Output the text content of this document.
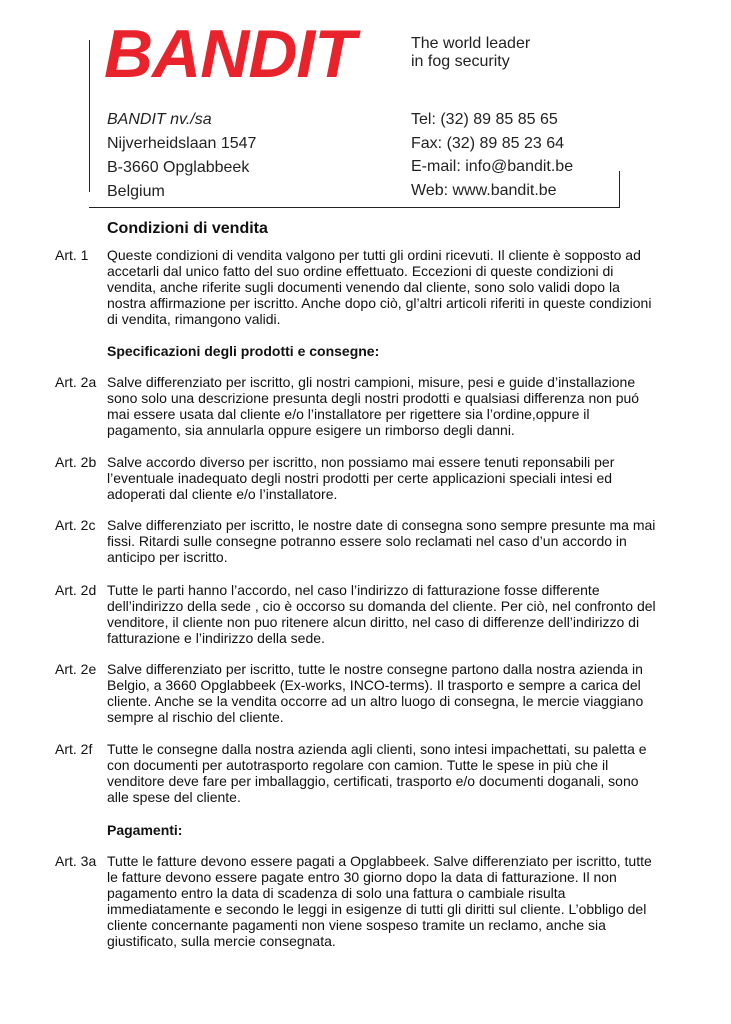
BANDIT	The world leader
in fog security
BANDIT nv./sa
Nijverheidslaan 1547
B-3660 Opglabbeek
Belgium
Tel: (32) 89 85 85 65
Fax: (32) 89 85 23 64
E-mail: info@bandit.be
Web: www.bandit.be
Condizioni di vendita
Art. 1	Queste condizioni di vendita valgono per tutti gli ordini ricevuti. Il cliente è sopposto ad
accetarli dal unico fatto del suo ordine effettuato. Eccezioni di queste condizioni di
vendita, anche riferite sugli documenti venendo dal cliente, sono solo validi dopo la
nostra affirmazione per iscritto. Anche dopo ciò, gl’altri articoli riferiti in queste condizioni
di vendita, rimangono validi.
Specificazioni degli prodotti e consegne:
Art. 2a Salve differenziato per iscritto, gli nostri campioni, misure, pesi e guide d’installazione
sono solo una descrizione presunta degli nostri prodotti e qualsiasi differenza non puó
mai essere usata dal cliente e/o l’installatore per rigettere sia l’ordine,oppure il
pagamento, sia annularla oppure esigere un rimborso degli danni.
Art. 2b Salve accordo diverso per iscritto, non possiamo mai essere tenuti reponsabili per
l’eventuale inadequato degli nostri prodotti per certe applicazioni speciali intesi ed
adoperati dal cliente e/o l’installatore.
Art. 2c Salve differenziato per iscritto, le nostre date di consegna sono sempre presunte ma mai
fissi. Ritardi sulle consegne potranno essere solo reclamati nel caso d’un accordo in
anticipo per iscritto.
Art. 2d Tutte le parti hanno l’accordo, nel caso l’indirizzo di fatturazione fosse differente
dell’indirizzo della sede , cio è occorso su domanda del cliente. Per ciò, nel confronto del
venditore, il cliente non puo ritenere alcun diritto, nel caso di differenze dell’indirizzo di
fatturazione e l’indirizzo della sede.
Art. 2e Salve differenziato per iscritto, tutte le nostre consegne partono dalla nostra azienda in
Belgio, a 3660 Opglabbeek (Ex-works, INCO-terms). Il trasporto e sempre a carica del
cliente. Anche se la vendita occorre ad un altro luogo di consegna, le mercie viaggiano
sempre al rischio del cliente.
Art. 2f	Tutte le consegne dalla nostra azienda agli clienti, sono intesi impachettati, su paletta e
con documenti per autotrasporto regolare con camion. Tutte le spese in più che il
venditore deve fare per imballaggio, certificati, trasporto e/o documenti doganali, sono
alle spese del cliente.
Pagamenti:
Art. 3a Tutte le fatture devono essere pagati a Opglabbeek. Salve differenziato per iscritto, tutte
le fatture devono essere pagate entro 30 giorno dopo la data di fatturazione. Il non
pagamento entro la data di scadenza di solo una fattura o cambiale risulta
immediatamente e secondo le leggi in esigenze di tutti gli diritti sul cliente. L’obbligo del
cliente concernante pagamenti non viene sospeso tramite un reclamo, anche sia
giustificato, sulla mercie consegnata.
